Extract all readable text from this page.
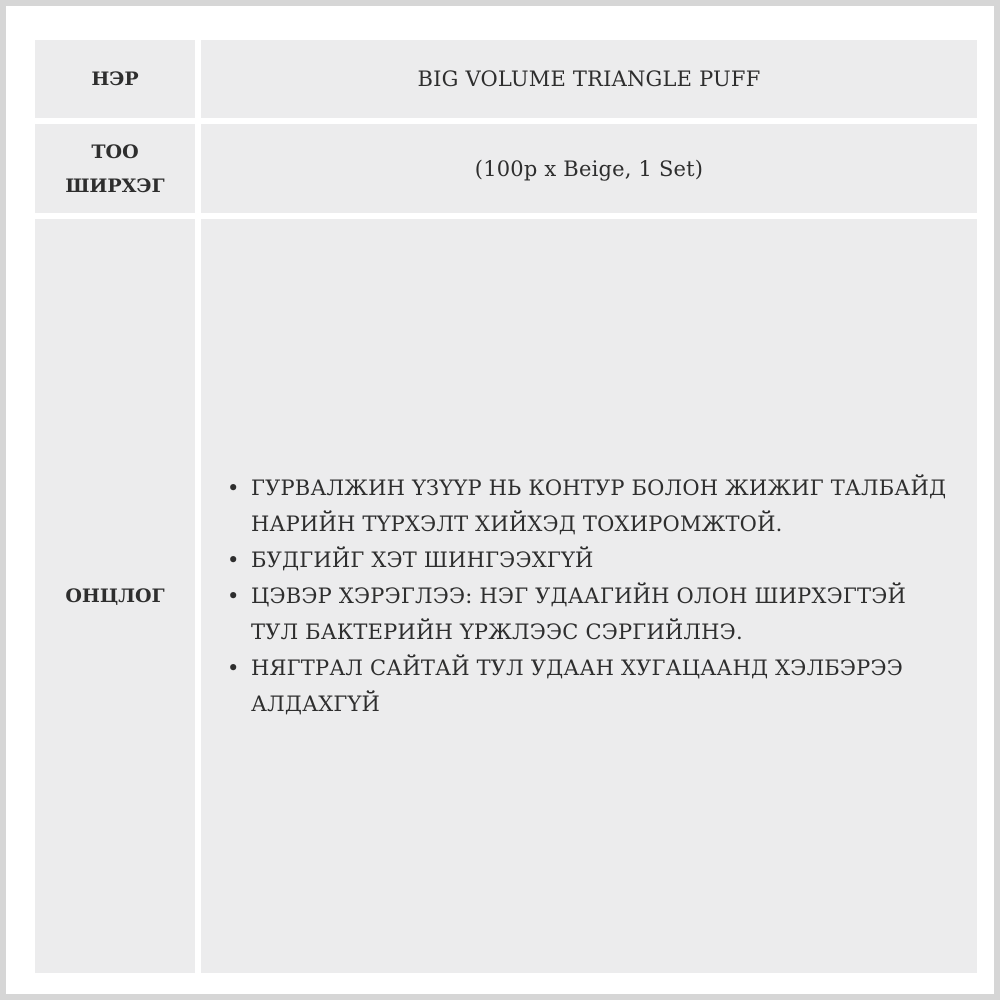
НЭР	BIG VOLUME TRIANGLE PUFF
ТОО ШИРХЭГ
(100p x Beige, 1 Set)
ОНЦЛОГ
• ГУРВАЛЖИН ҮЗҮҮР НЬ КОНТУР БОЛОН ЖИЖИГ ТАЛБАЙД НАРИЙН ТҮРХЭЛТ ХИЙХЭД ТОХИРОМЖТОЙ.
• БУДГИЙГ ХЭТ ШИНГЭЭХГҮЙ
• ЦЭВЭР ХЭРЭГЛЭЭ: НЭГ УДААГИЙН ОЛОН ШИРХЭГТЭЙ ТУЛ БАКТЕРИЙН ҮРЖЛЭЭС СЭРГИЙЛНЭ.
• НЯГТРАЛ САЙТАЙ ТУЛ УДААН ХУГАЦААНД ХЭЛБЭРЭЭ АЛДАХГҮЙ
